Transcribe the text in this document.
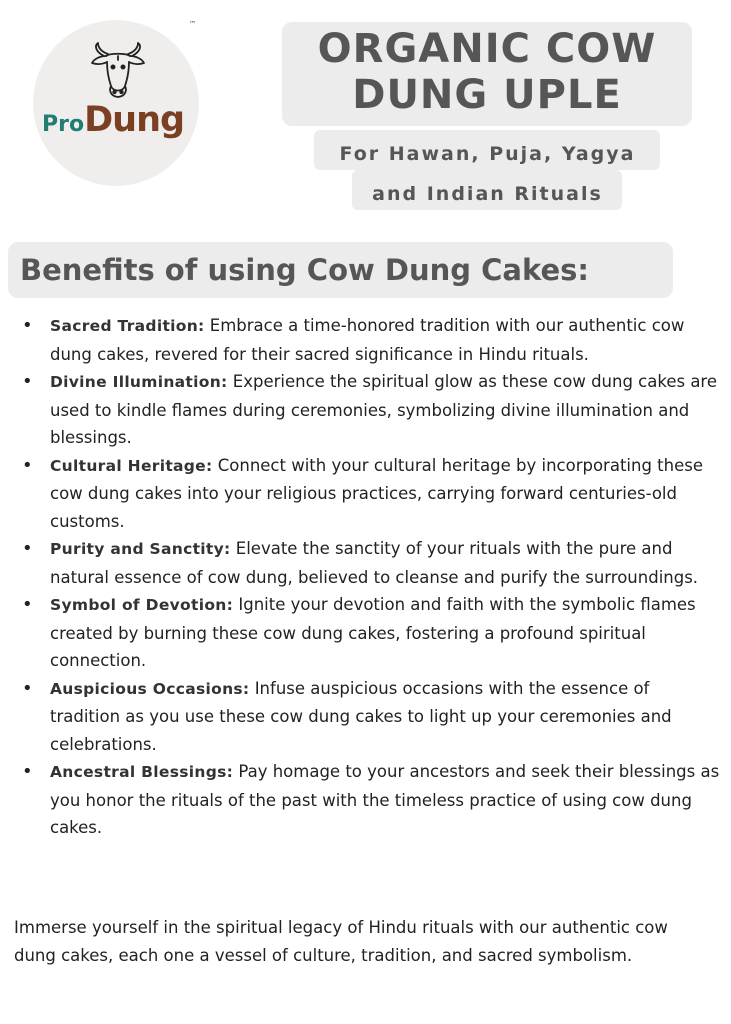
™
ProDung
ORGANIC COW
DUNG UPLE
For Hawan, Puja, Yagya
and Indian Rituals
Benefits of using Cow Dung Cakes:
• Sacred Tradition: Embrace a time-honored tradition with our authentic cow dung cakes, revered for their sacred significance in Hindu rituals.
• Divine Illumination: Experience the spiritual glow as these cow dung cakes are used to kindle flames during ceremonies, symbolizing divine illumination and blessings.
• Cultural Heritage: Connect with your cultural heritage by incorporating these cow dung cakes into your religious practices, carrying forward centuries-old customs.
• Purity and Sanctity: Elevate the sanctity of your rituals with the pure and natural essence of cow dung, believed to cleanse and purify the surroundings.
• Symbol of Devotion: Ignite your devotion and faith with the symbolic flames created by burning these cow dung cakes, fostering a profound spiritual connection.
• Auspicious Occasions: Infuse auspicious occasions with the essence of tradition as you use these cow dung cakes to light up your ceremonies and celebrations.
• Ancestral Blessings: Pay homage to your ancestors and seek their blessings as you honor the rituals of the past with the timeless practice of using cow dung cakes.

Immerse yourself in the spiritual legacy of Hindu rituals with our authentic cow dung cakes, each one a vessel of culture, tradition, and sacred symbolism.
